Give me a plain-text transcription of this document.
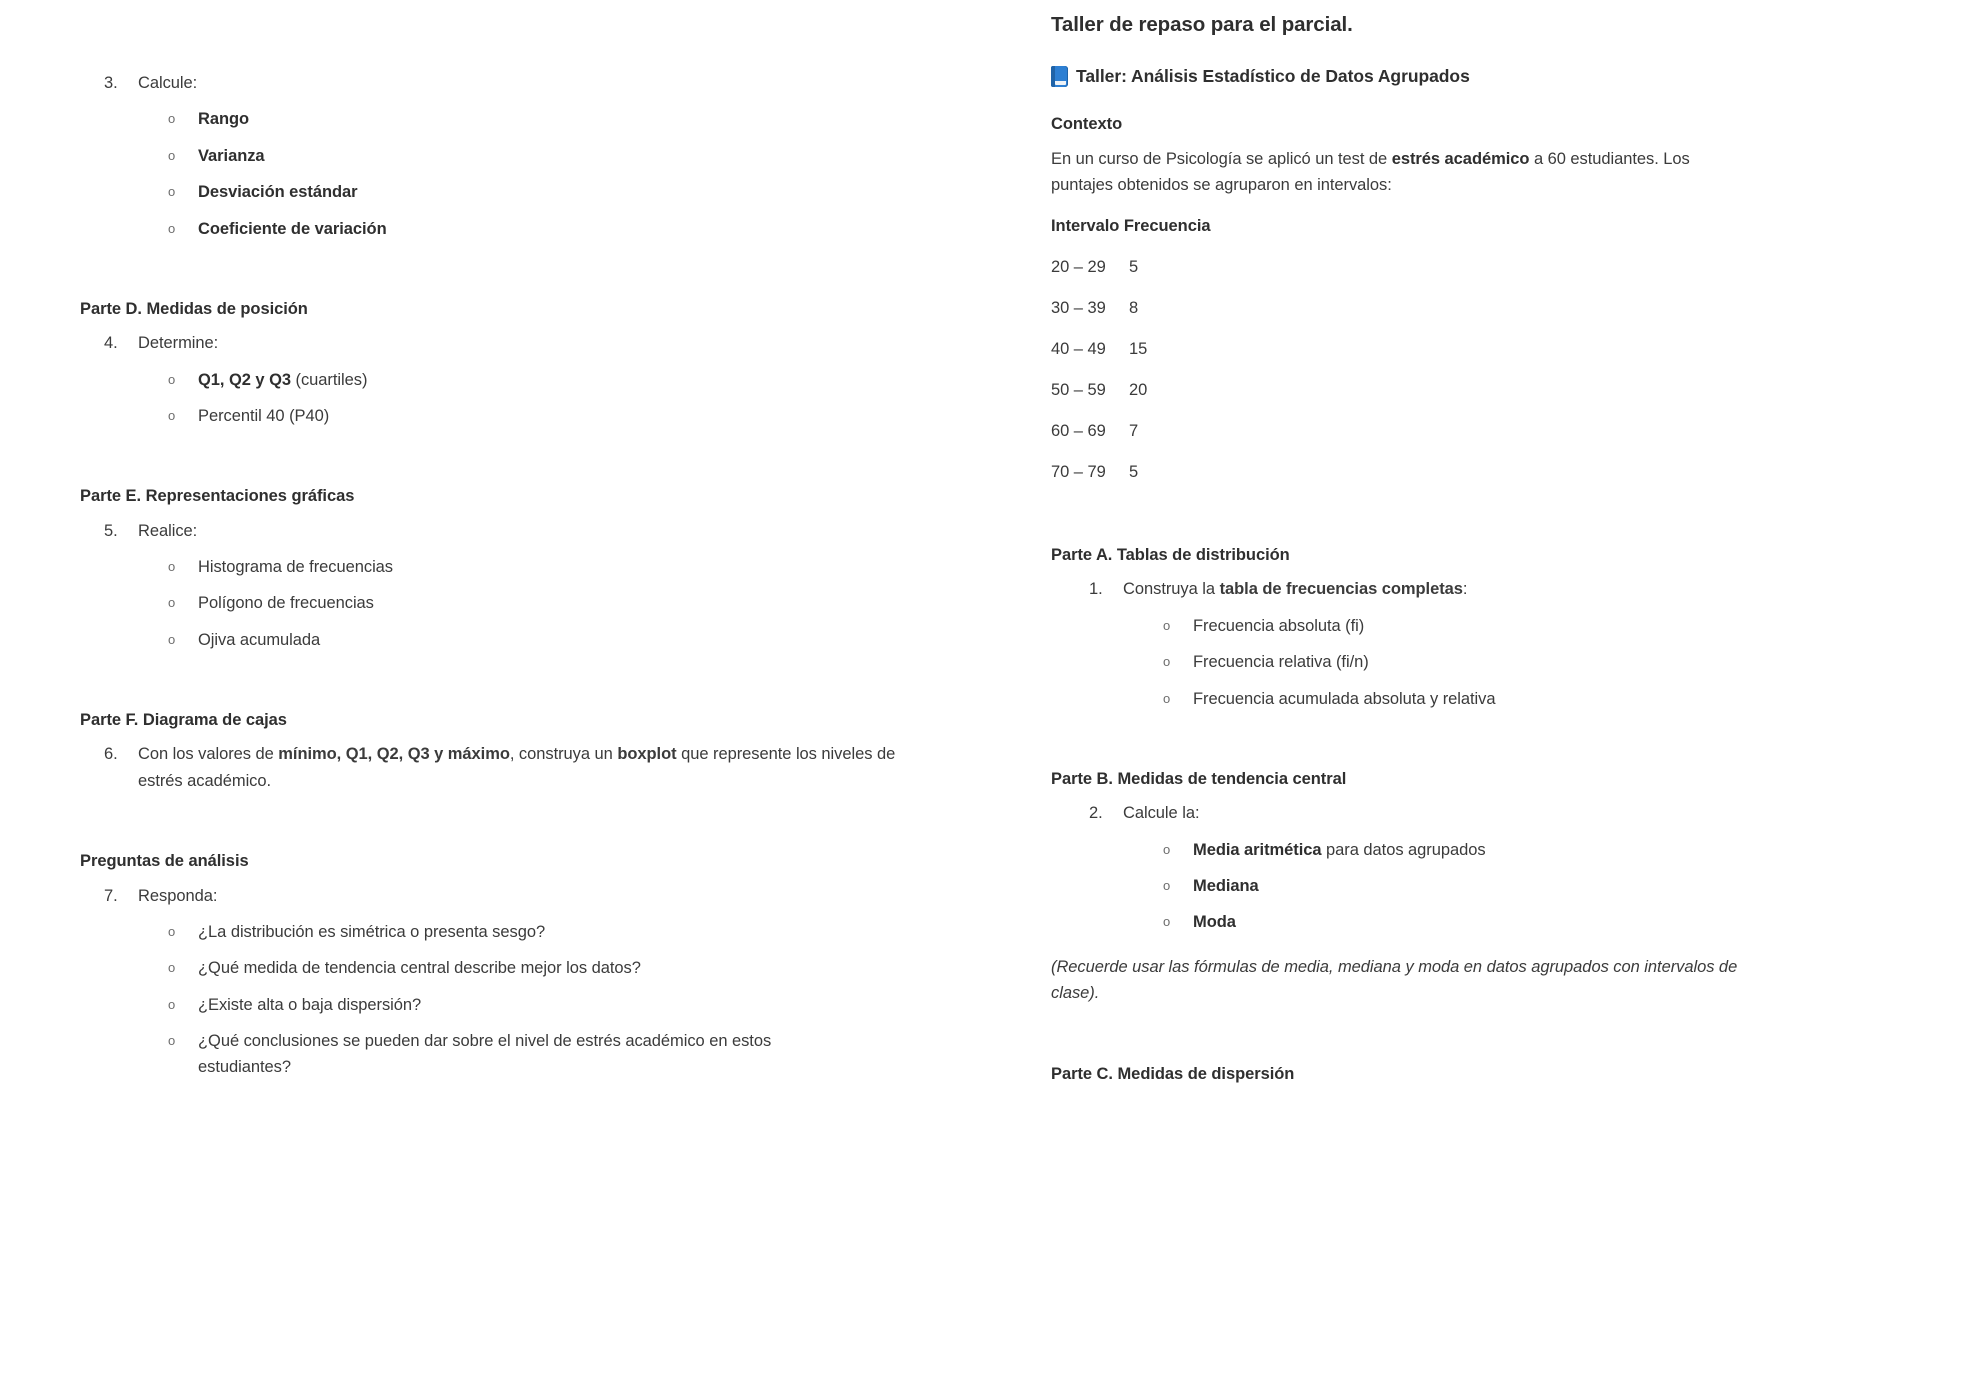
3.	Calcule:
o	Rango
o	Varianza
o	Desviación estándar
o	Coeficiente de variación
Parte D. Medidas de posición
4.	Determine:
o	Q1, Q2 y Q3 (cuartiles)
o	Percentil 40 (P40)
Parte E. Representaciones gráficas
5.	Realice:
o	Histograma de frecuencias
o	Polígono de frecuencias
o	Ojiva acumulada
Parte F. Diagrama de cajas
6.	Con los valores de mínimo, Q1, Q2, Q3 y máximo, construya un boxplot que represente los niveles de estrés académico.
Preguntas de análisis
7.	Responda:
o	¿La distribución es simétrica o presenta sesgo?
o	¿Qué medida de tendencia central describe mejor los datos?
o	¿Existe alta o baja dispersión?
o	¿Qué conclusiones se pueden dar sobre el nivel de estrés académico en estos estudiantes?
Taller de repaso para el parcial.
Taller: Análisis Estadístico de Datos Agrupados
Contexto
En un curso de Psicología se aplicó un test de estrés académico a 60 estudiantes. Los puntajes obtenidos se agruparon en intervalos:
Intervalo Frecuencia
20 – 29	5
30 – 39	8
40 – 49	15
50 – 59	20
60 – 69	7
70 – 79	5
Parte A. Tablas de distribución
1.	Construya la tabla de frecuencias completas:
o	Frecuencia absoluta (fi)
o	Frecuencia relativa (fi/n)
o	Frecuencia acumulada absoluta y relativa
Parte B. Medidas de tendencia central
2.	Calcule la:
o	Media aritmética para datos agrupados
o	Mediana
o	Moda
(Recuerde usar las fórmulas de media, mediana y moda en datos agrupados con intervalos de clase).
Parte C. Medidas de dispersión
